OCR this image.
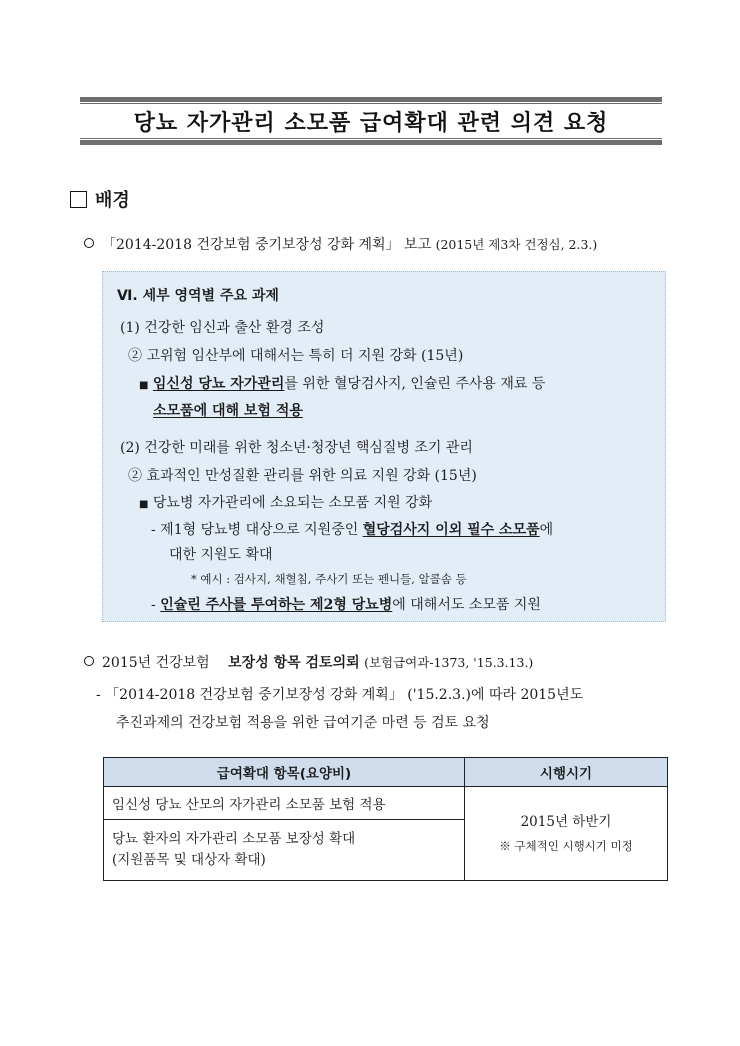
당뇨 자가관리 소모품 급여확대 관련 의견 요청
배경
「2014-2018 건강보험 중기보장성 강화 계획」 보고 (2015년 제3차 건정심, 2.3.)
Ⅵ. 세부 영역별 주요 과제
(1) 건강한 임신과 출산 환경 조성
② 고위험 임산부에 대해서는 특히 더 지원 강화 (15년)
■ 임신성 당뇨 자가관리를 위한 혈당검사지, 인슐린 주사용 재료 등
소모품에 대해 보험 적용
(2) 건강한 미래를 위한 청소년·청장년 핵심질병 조기 관리
② 효과적인 만성질환 관리를 위한 의료 지원 강화 (15년)
■ 당뇨병 자가관리에 소요되는 소모품 지원 강화
- 제1형 당뇨병 대상으로 지원중인 혈당검사지 이외 필수 소모품에
대한 지원도 확대
* 예시 : 검사지, 채혈침, 주사기 또는 펜니들, 알콜솜 등
- 인슐린 주사를 투여하는 제2형 당뇨병에 대해서도 소모품 지원
2015년 건강보험 보장성 항목 검토의뢰 (보험급여과-1373, '15.3.13.)
- 「2014-2018 건강보험 중기보장성 강화 계획」 ('15.2.3.)에 따라 2015년도
추진과제의 건강보험 적용을 위한 급여기준 마련 등 검토 요청
급여확대 항목(요양비)	시행시기
임신성 당뇨 산모의 자가관리 소모품 보험 적용	2015년 하반기
※ 구체적인 시행시기 미정

당뇨 환자의 자가관리 소모품 보장성 확대
(지원품목 및 대상자 확대)	
